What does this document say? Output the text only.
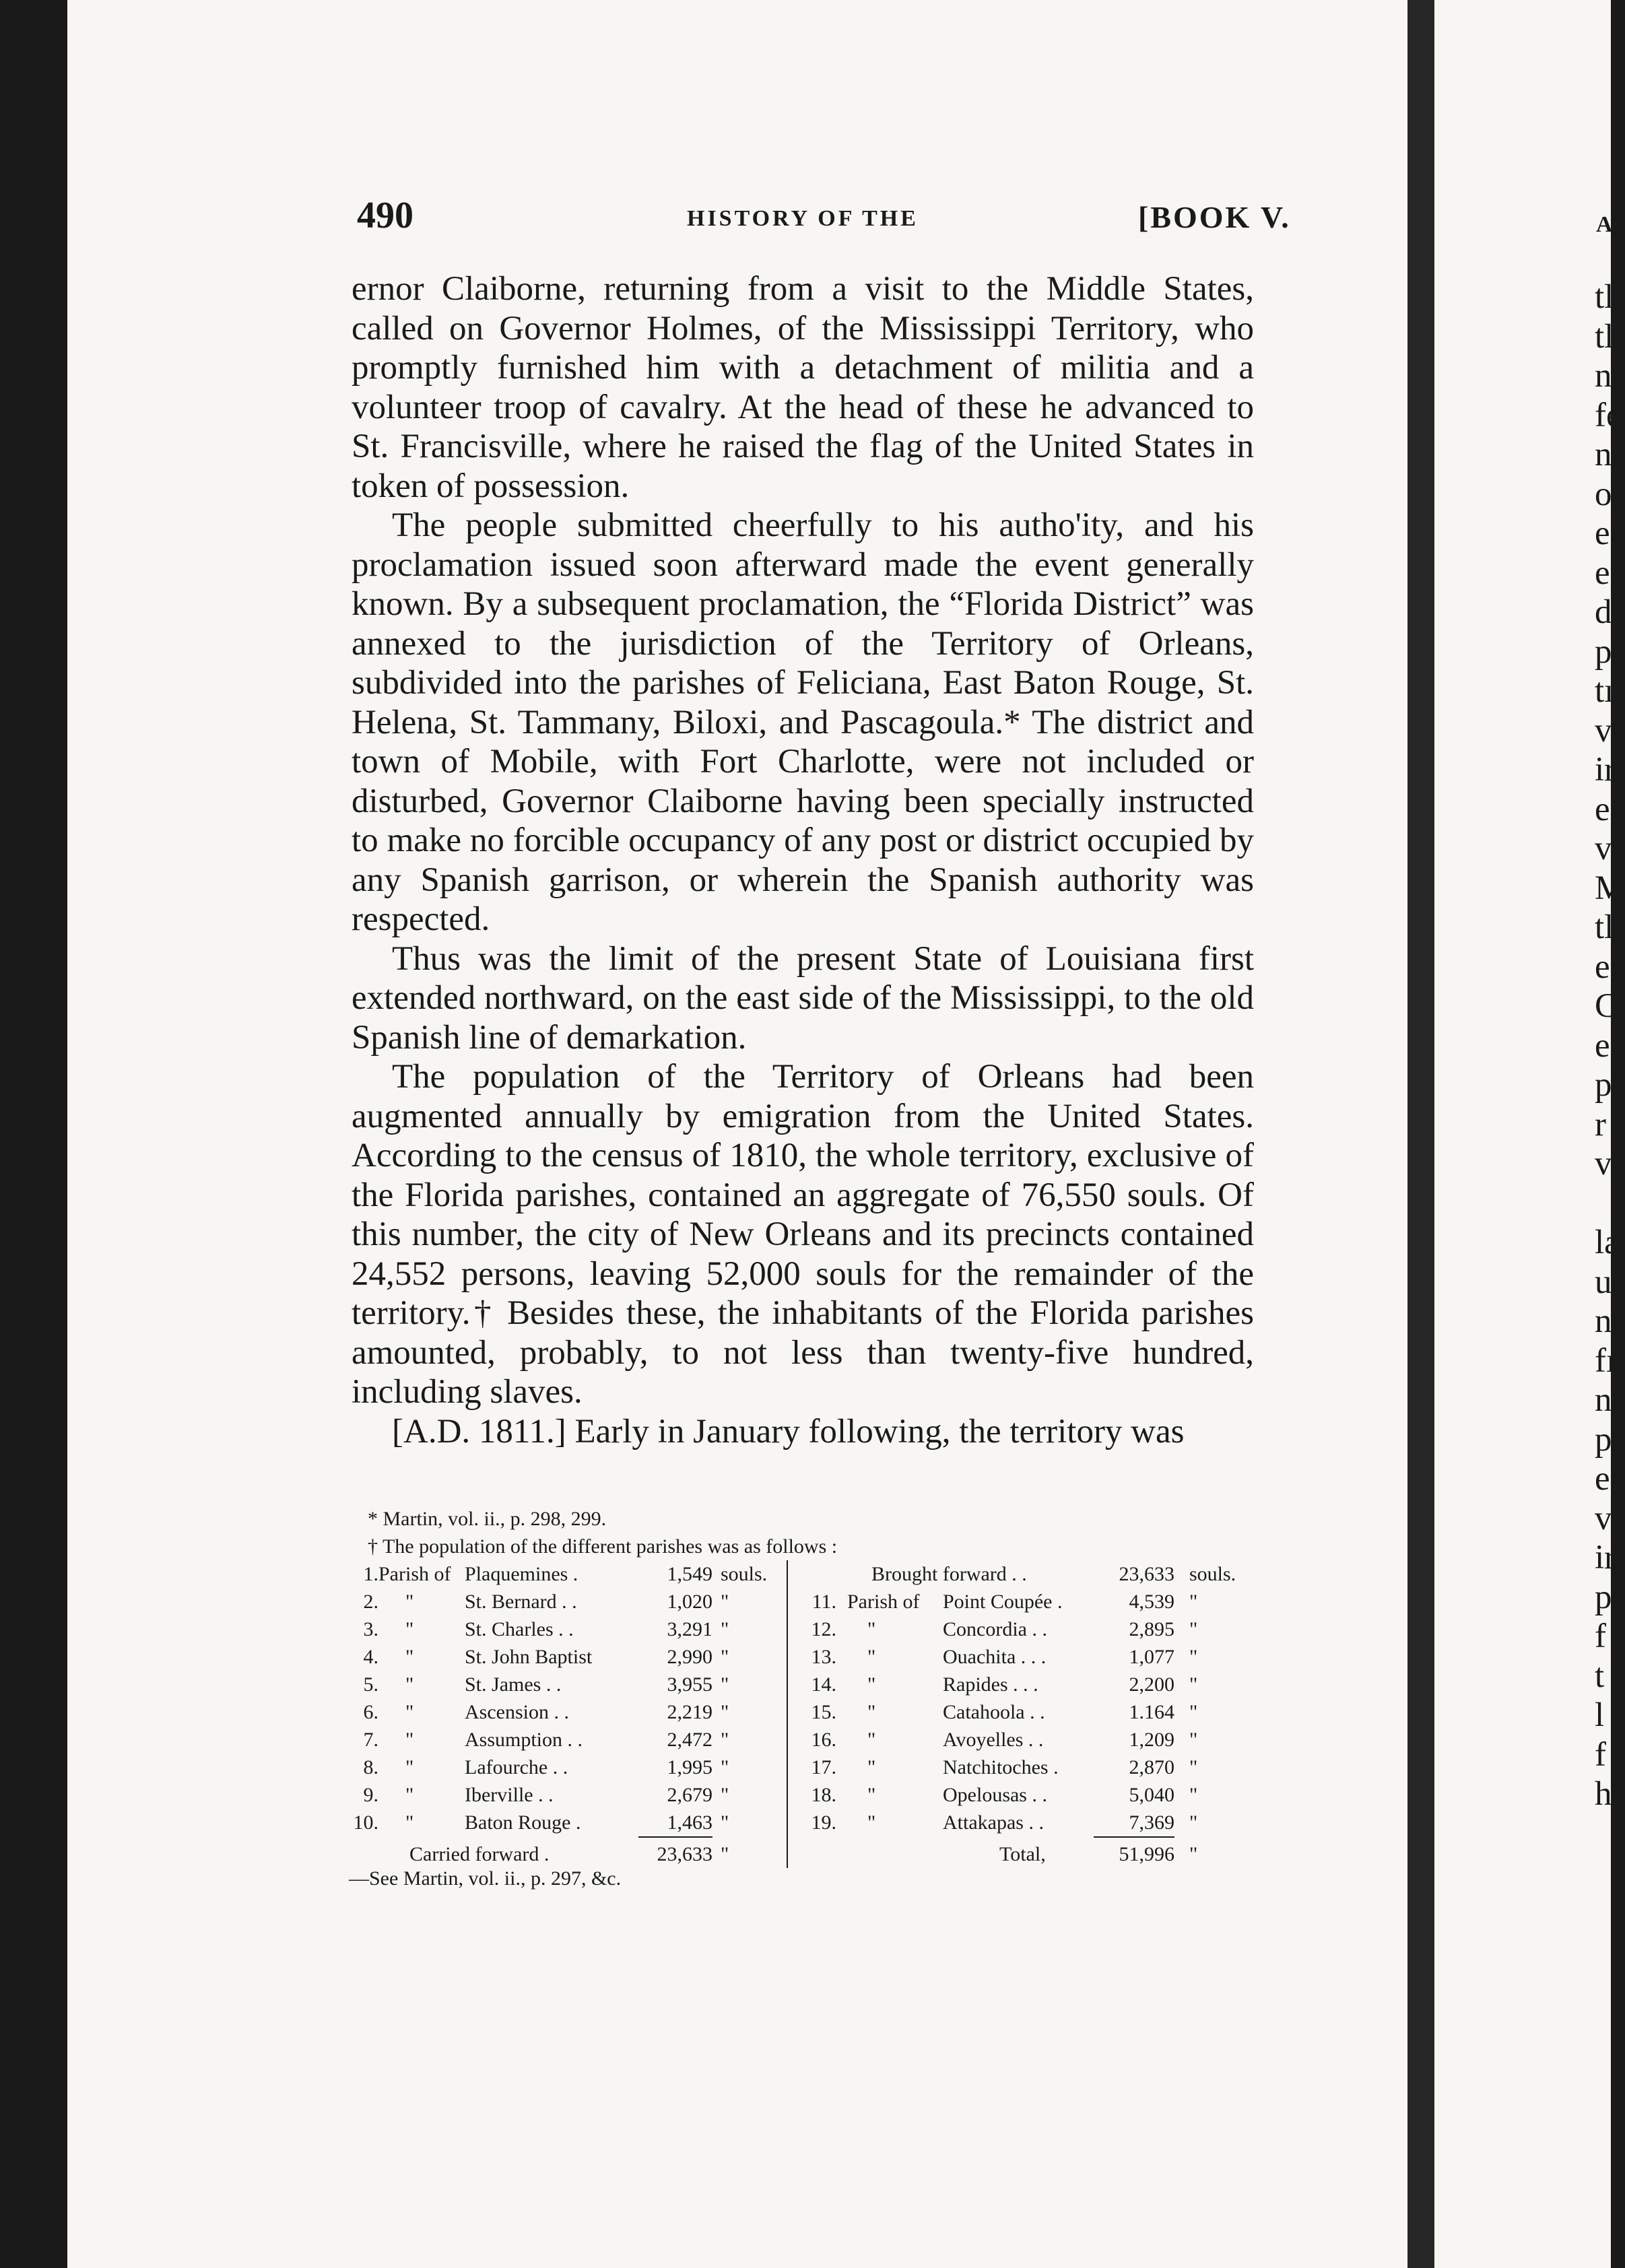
A
tl
tl
n
fe
n
o
e
e
d
p
tı
v
ir
e
v
M
tl
e
C
e
p
r
v

la
u
n
fı
n
p
e
v
ir
p
f
t
l
f
h
490	HISTORY OF THE	[BOOK V.

ernor Claiborne, returning from a visit to the Middle States, called on Governor Holmes, of the Mississippi Territory, who promptly furnished him with a detachment of militia and a volunteer troop of cavalry. At the head of these he advanced to St. Francisville, where he raised the flag of the United States in token of possession.

The people submitted cheerfully to his autho'ity, and his proclamation issued soon afterward made the event generally known. By a subsequent proclamation, the “Florida District” was annexed to the jurisdiction of the Territory of Orleans, subdivided into the parishes of Feliciana, East Baton Rouge, St. Helena, St. Tammany, Biloxi, and Pascagoula.* The district and town of Mobile, with Fort Charlotte, were not included or disturbed, Governor Claiborne having been specially instructed to make no forcible occupancy of any post or district occupied by any Spanish garrison, or wherein the Spanish authority was respected.

Thus was the limit of the present State of Louisiana first extended northward, on the east side of the Mississippi, to the old Spanish line of demarkation.

The population of the Territory of Orleans had been augmented annually by emigration from the United States. According to the census of 1810, the whole territory, exclusive of the Florida parishes, contained an aggregate of 76,550 souls. Of this number, the city of New Orleans and its precincts contained 24,552 persons, leaving 52,000 souls for the remainder of the territory.† Besides these, the inhabitants of the Florida parishes amounted, probably, to not less than twenty-five hundred, including slaves.

[A.D. 1811.] Early in January following, the territory was

* Martin, vol. ii., p. 298, 299.
† The population of the different parishes was as follows :
1. Parish of Plaquemines .	1,549 souls.
2. "	St. Bernard . .	1,020 "
3. "	St. Charles . .	3,291 "
4. "	St. John Baptist	2,990 "
5. "	St. James . .	3,955 "
6. "	Ascension . .	2,219 "
7. "	Assumption . .	2,472 "
8. "	Lafourche . .	1,995 "
9. "	Iberville . .	2,679 "
10. "	Baton Rouge .	1,463 "
Carried forward .	23,633 "
Brought forward . .	23,633 souls.
11. Parish of Point Coupée .	4,539 "
12. "	Concordia . .	2,895 "
13. "	Ouachita . . .	1,077 "
14. "	Rapides . . .	2,200 "
15. "	Catahoola . .	1.164 "
16. "	Avoyelles . .	1,209 "
17. "	Natchitoches .	2,870 "
18. "	Opelousas . .	5,040 "
19. "	Attakapas . .	7,369 "
Total,	51,996 "
—See Martin, vol. ii., p. 297, &c.
